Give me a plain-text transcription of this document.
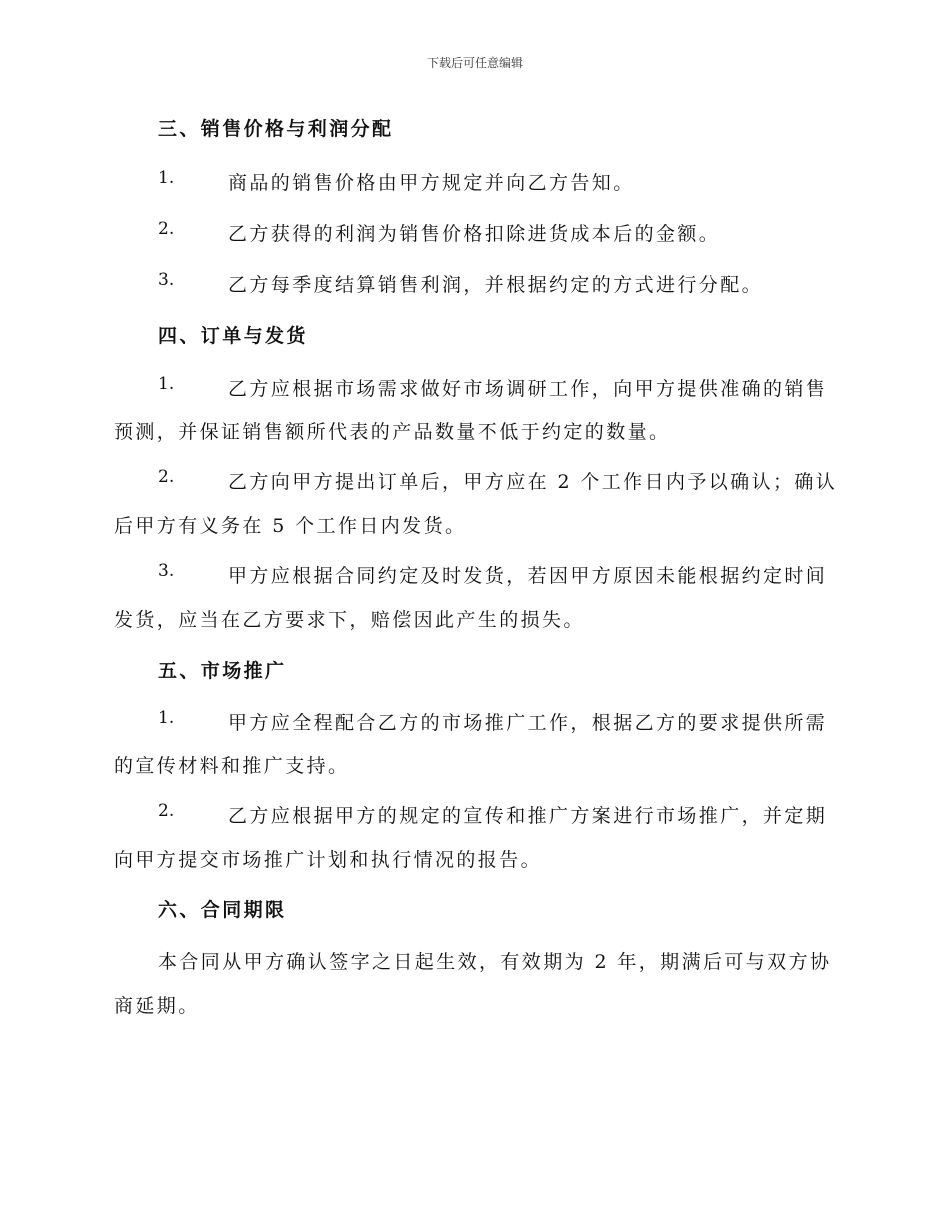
下载后可任意编辑
三、销售价格与利润分配
1.	商品的销售价格由甲方规定并向乙方告知。
2.	乙方获得的利润为销售价格扣除进货成本后的金额。
3.	乙方每季度结算销售利润，并根据约定的方式进行分配。
四、订单与发货
1.	乙方应根据市场需求做好市场调研工作，向甲方提供准确的销售
预测，并保证销售额所代表的产品数量不低于约定的数量。
2.	乙方向甲方提出订单后，甲方应在 2 个工作日内予以确认；确认
后甲方有义务在 5 个工作日内发货。
3.	甲方应根据合同约定及时发货，若因甲方原因未能根据约定时间
发货，应当在乙方要求下，赔偿因此产生的损失。
五、市场推广
1.	甲方应全程配合乙方的市场推广工作，根据乙方的要求提供所需
的宣传材料和推广支持。
2.	乙方应根据甲方的规定的宣传和推广方案进行市场推广，并定期
向甲方提交市场推广计划和执行情况的报告。
六、合同期限
本合同从甲方确认签字之日起生效，有效期为 2 年，期满后可与双方协
商延期。
